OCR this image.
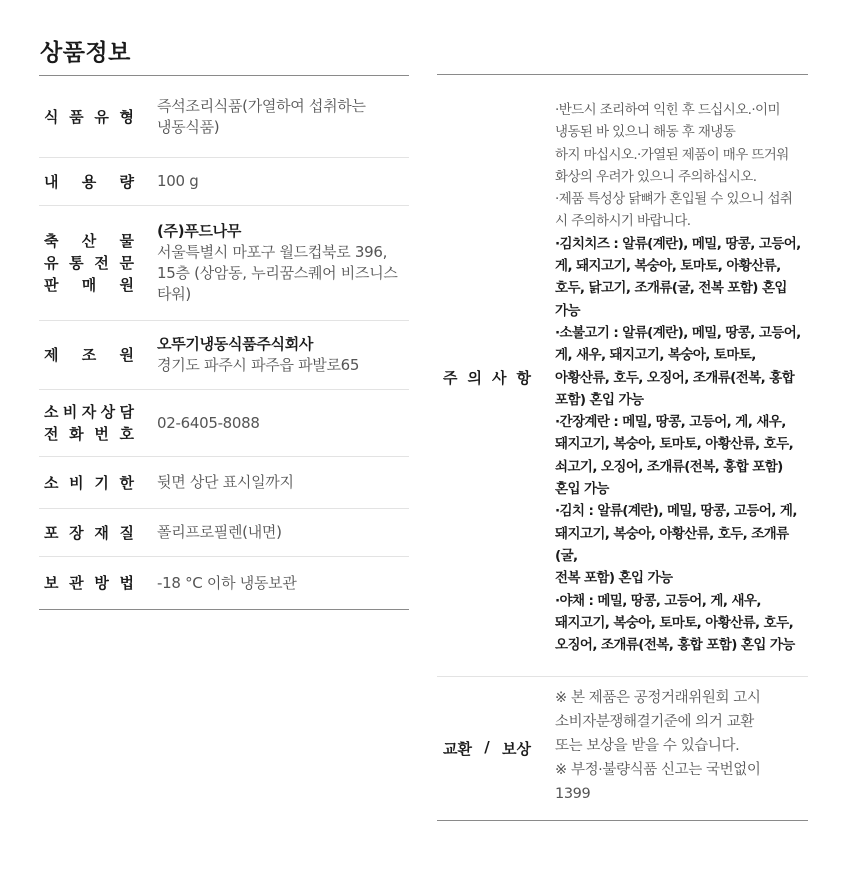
상품정보
식 품 유 형
즉석조리식품(가열하여 섭취하는
냉동식품)
내 용 량 100 g
축 산 물
유 통 전 문
판 매 원
(주)푸드나무
서울특별시 마포구 월드컵북로 396,
15층 (상암동, 누리꿈스퀘어 비즈니스
타워)
제 조 원
오뚜기냉동식품주식회사
경기도 파주시 파주읍 파발로65
소 비 자 상 담
전 화 번 호
02-6405-8088
소 비 기 한 뒷면 상단 표시일까지
포 장 재 질 폴리프로필렌(내면)
보 관 방 법 -18 °C 이하 냉동보관
주 의 사 항

·반드시 조리하여 익힌 후 드십시오.·이미

냉동된 바 있으니 해동 후 재냉동

하지 마십시오.·가열된 제품이 매우 뜨거워

화상의 우려가 있으니 주의하십시오.

·제품 특성상 닭뼈가 혼입될 수 있으니 섭취

시 주의하시기 바랍니다.

·김치치즈 : 알류(계란), 메밀, 땅콩, 고등어,

게, 돼지고기, 복숭아, 토마토, 아황산류,

호두, 닭고기, 조개류(굴, 전복 포함) 혼입

가능

·소불고기 : 알류(계란), 메밀, 땅콩, 고등어,

게, 새우, 돼지고기, 복숭아, 토마토,

아황산류, 호두, 오징어, 조개류(전복, 홍합

포함) 혼입 가능

·간장계란 : 메밀, 땅콩, 고등어, 게, 새우,

돼지고기, 복숭아, 토마토, 아황산류, 호두,

쇠고기, 오징어, 조개류(전복, 홍합 포함)

혼입 가능

·김치 : 알류(계란), 메밀, 땅콩, 고등어, 게,

돼지고기, 복숭아, 아황산류, 호두, 조개류(굴,

전복 포함) 혼입 가능

·야채 : 메밀, 땅콩, 고등어, 게, 새우,

돼지고기, 복숭아, 토마토, 아황산류, 호두,

오징어, 조개류(전복, 홍합 포함) 혼입 가능

교환 / 보상

※ 본 제품은 공정거래위원회 고시

소비자분쟁해결기준에 의거 교환

또는 보상을 받을 수 있습니다.

※ 부정·불량식품 신고는 국번없이

1399
